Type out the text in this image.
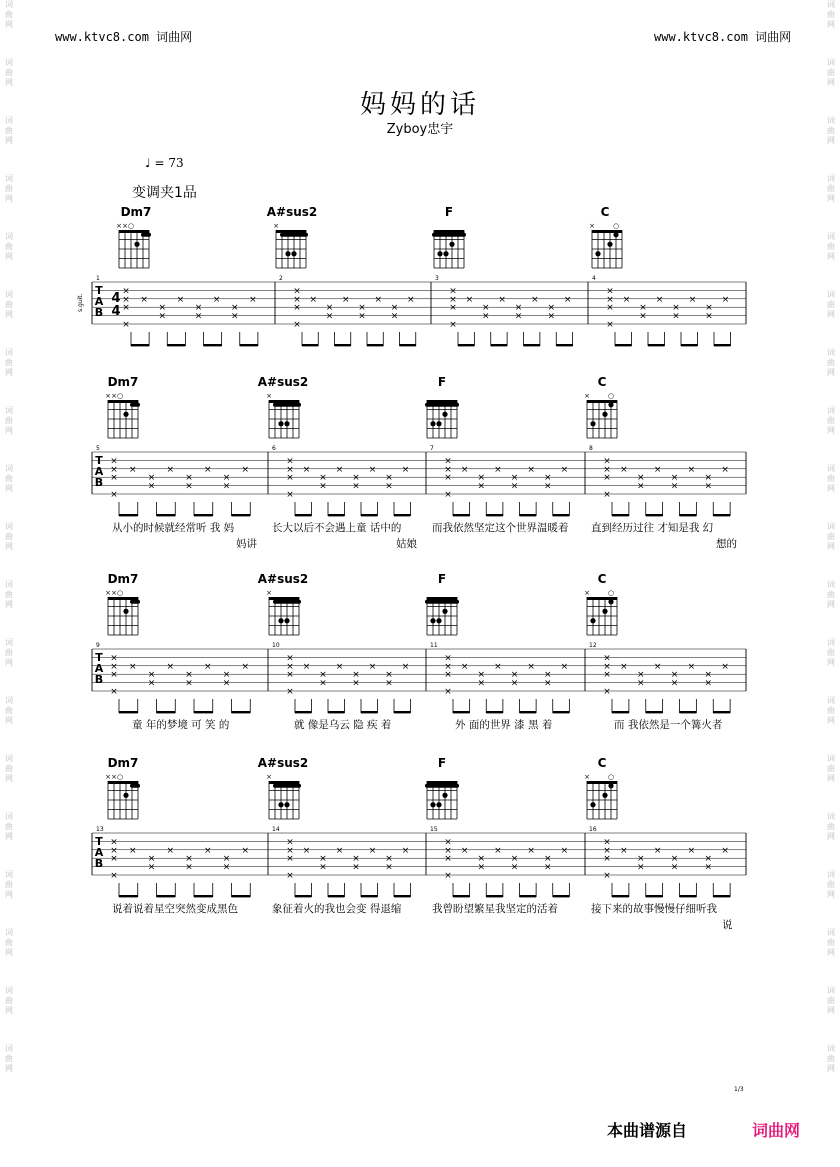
www.ktvc8.com 词曲网	www.ktvc8.com 词曲网
词
曲
网
词
曲
网
词
曲
网
词
曲
网
词
曲
网
词
曲
网
词
曲
网
词
曲
网
词
曲
网
词
曲
网
词
曲
网
词
曲
网
词
曲
网
词
曲
网
词
曲
网
词
曲
网
词
曲
网
词
曲
网
词
曲
网
词
曲
网
词
曲
网
词
曲
网
词
曲
网
词
曲
网
词
曲
网
词
曲
网
词
曲
网
词
曲
网
词
曲
网
词
曲
网
词
曲
网
词
曲
网
词
曲
网
词
曲
网
词
曲
网
词
曲
网
词
曲
网
词
曲
网
妈妈的话
Zyboy忠宇
♩ = 73
变调夹1品
Dm7	A#sus2	F	C
T
A
B
1
×
×
×
×
×
×
×
×
×
×
×
×
×
×
2
×
×
×
×
×
×
×
×
×
×
×
×
×
×
3
×
×
×
×
×
×
×
×
×
×
×
×
×
×
4
×
×
×
×
×
×
×
×
×
×
×
×
×
×
4
4
s.guit.
× × ○	×	×	○
Dm7	A#sus2	F	C
T
A
B
5
×
×
×
×
×
×
×
×
×
×
×
×
×
×
6
×
×
×
×
×
×
×
×
×
×
×
×
×
×
7
×
×
×
×
×
×
×
×
×
×
×
×
×
×
8
×
×
×
×
×
×
×
×
×
×
×
×
×
×
× × ○	×	×	○
Dm7	A#sus2	F	C
T
A
B
9
×
×
×
×
×
×
×
×
×
×
×
×
×
×
10
×
×
×
×
×
×
×
×
×
×
×
×
×
×
11
×
×
×
×
×
×
×
×
×
×
×
×
×
×
12
×
×
×
×
×
×
×
×
×
×
×
×
×
×
× × ○	×	×	○
Dm7	A#sus2	F	C
T
A
B
13
×
×
×
×
×
×
×
×
×
×
×
×
×
×
14
×
×
×
×
×
×
×
×
×
×
×
×
×
×
15
×
×
×
×
×
×
×
×
×
×
×
×
×
×
16
×
×
×
×
×
×
×
×
×
×
×
×
×
×
× × ○	×	×	○
1/3
本曲谱源自	词曲网
从小的时候就经常听 我 妈	长大以后不会遇上童 话中的	而我依然坚定这个世界温暖着 直到经历过往 才知是我 幻
妈讲	姑娘	想的
童 年的梦境 可 笑 的	就 像是乌云 隐 疾 着	外 面的世界 漆 黑 着	而 我依然是一个篝火者
说着说着星空突然变成黑色	象征着火的我也会变 得退缩	我曾盼望繁星我坚定的活着	接下来的故事慢慢仔细听我
说
